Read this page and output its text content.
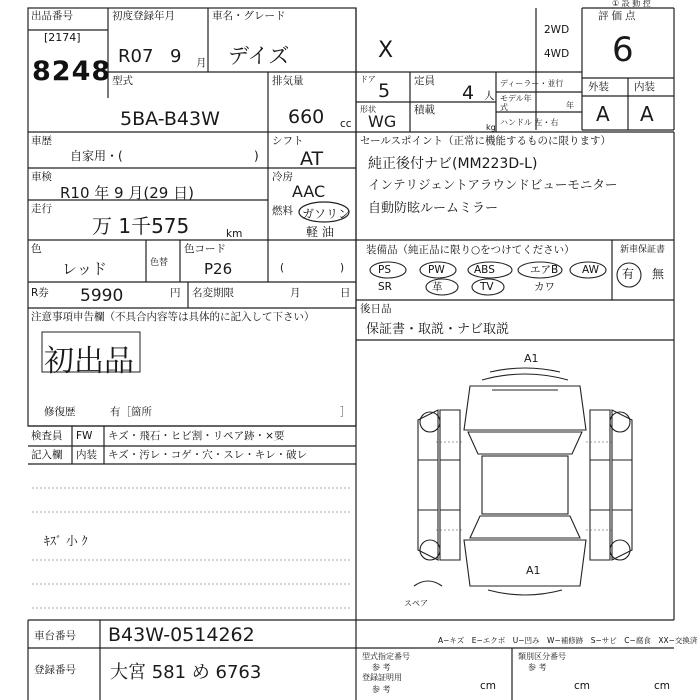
出品番号
[2174]
8248
初度登録年月
R07 9 月
車名・グレード
デイズ	X
2WD
4WD
評価点
6
① 設 動 控
型式
5BA-B43W
排気量
660 cc
ドア
5
形状
WG
定員
4 人
積載
kg
ディーラー・並行
モデル年式	年
ハンドル 左・右
外装 内装
A A
車歴
自家用・(	)
シフト
AT
車検
R10 年 9 月(29 日)
冷房
AAC
走行
万 1千575	km
燃料 ガソリン
軽 油
(	)
色
レッド	色替
色コード
P26
R券 5990	円 名変期限	月	日
注意事項申告欄（不具合内容等は具体的に記入して下さい）
初出品
修復歴	有［箇所	］
検査員 FW キズ・飛石・ヒビ割・リペア跡・×要
記入欄 内装 キズ・汚レ・コゲ・穴・スレ・キレ・破レ
ｷｽﾞ 小 ｸ
セールスポイント（正常に機能するものに限ります）
純正後付ナビ(MM223D-L)
インテリジェントアラウンドビューモニター
自動防眩ルームミラー
装備品（純正品に限り○をつけてください）	新車保証書
PS	PW	ABS	エアB AW
SR	革	TV	カワ
有 無
後日品
保証書・取説・ナビ取説
A1
A1
スペア
A−キズ　E−エクボ　U−凹み　W−補修跡　S−サビ　C−腐食　XX−交換済
車台番号 B43W-0514262
登録番号 大宮 581 め 6763
型式指定番号
参 考
類別区分番号
参 考
登録証明用
参 考	cm	cm	cm
